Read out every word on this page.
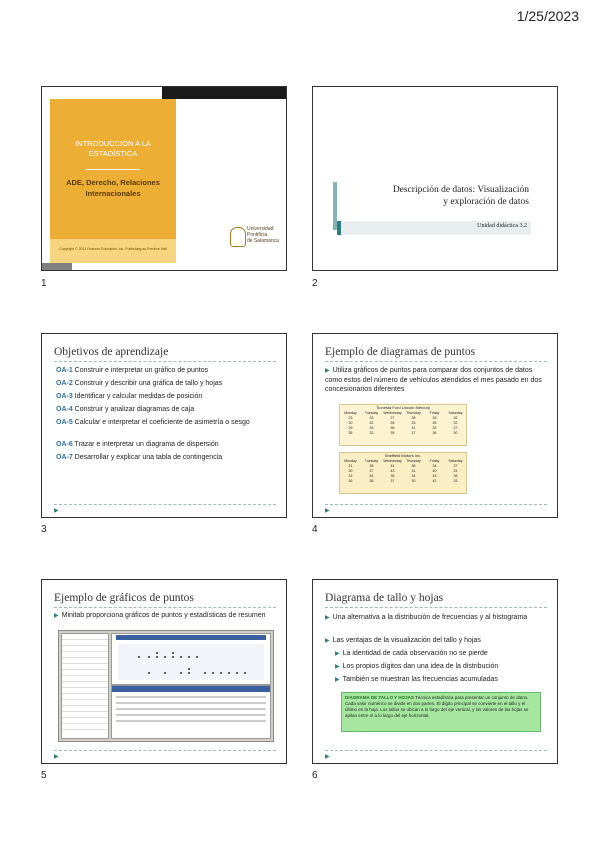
1/25/2023
INTRODUCCIÓN A LA
ESTADÍSTICA
ADE, Derecho, Relaciones
Internacionales
Copyright © 2011 Pearson Education, Inc. Publishing as Prentice Hall
Universidad
Pontificia
de Salamanca
1
Descripción de datos: Visualización
y exploración de datos
Unidad didáctica 3.2
2
Objetivos de aprendizaje
OA-1 Construir e interpretar un gráfico de puntos
OA-2 Construir y describir una gráfica de tallo y hojas
OA-3 Identificar y calcular medidas de posición
OA-4 Construir y analizar diagramas de caja
OA-5 Calcular e interpretar el coeficiente de asimetría o sesgo
OA-6 Trazar e interpretar un diagrama de dispersión
OA-7 Desarrollar y explicar una tabla de contingencia
▶
3
Ejemplo de diagramas de puntos
▶ Utiliza gráficos de puntos para comparar dos conjuntos de datos como estos del número de vehículos atendidos el mes pasado en dos concesionarios diferentes
Tionesta Ford Lincoln Mercury
Monday	Tuesday	Wednesday	Thursday	Friday	Saturday
23	33	27	28	39	26
30	32	28	33	35	32
29	25	36	31	32	27
35	32	35	37	36	30
Sheffield Motors Inc.
Monday	Tuesday	Wednesday	Thursday	Friday	Saturday
31	35	44	36	34	37
30	37	43	31	40	31
32	44	36	34	43	36
26	38	37	30	42	33
▶
4
Ejemplo de gráficos de puntos
▶ Minitab proporciona gráficos de puntos y estadísticas de resumen
▶
5
Diagrama de tallo y hojas
▶ Una alternativa a la distribución de frecuencias y al histograma
▶ Las ventajas de la visualización del tallo y hojas
▶ La identidad de cada observación no se pierde
▶ Los propios dígitos dan una idea de la distribución
▶ También se muestran las frecuencias acumuladas
DIAGRAMA DE TALLO Y HOJAS Técnica estadística para presentar un conjunto de datos. Cada valor numérico se divide en dos partes. El dígito principal se convierte en el tallo y el último en la hoja. Los tallos se ubican a lo largo del eje vertical, y los valores de las hojas se apilan entre sí a lo largo del eje horizontal.
▶
6
